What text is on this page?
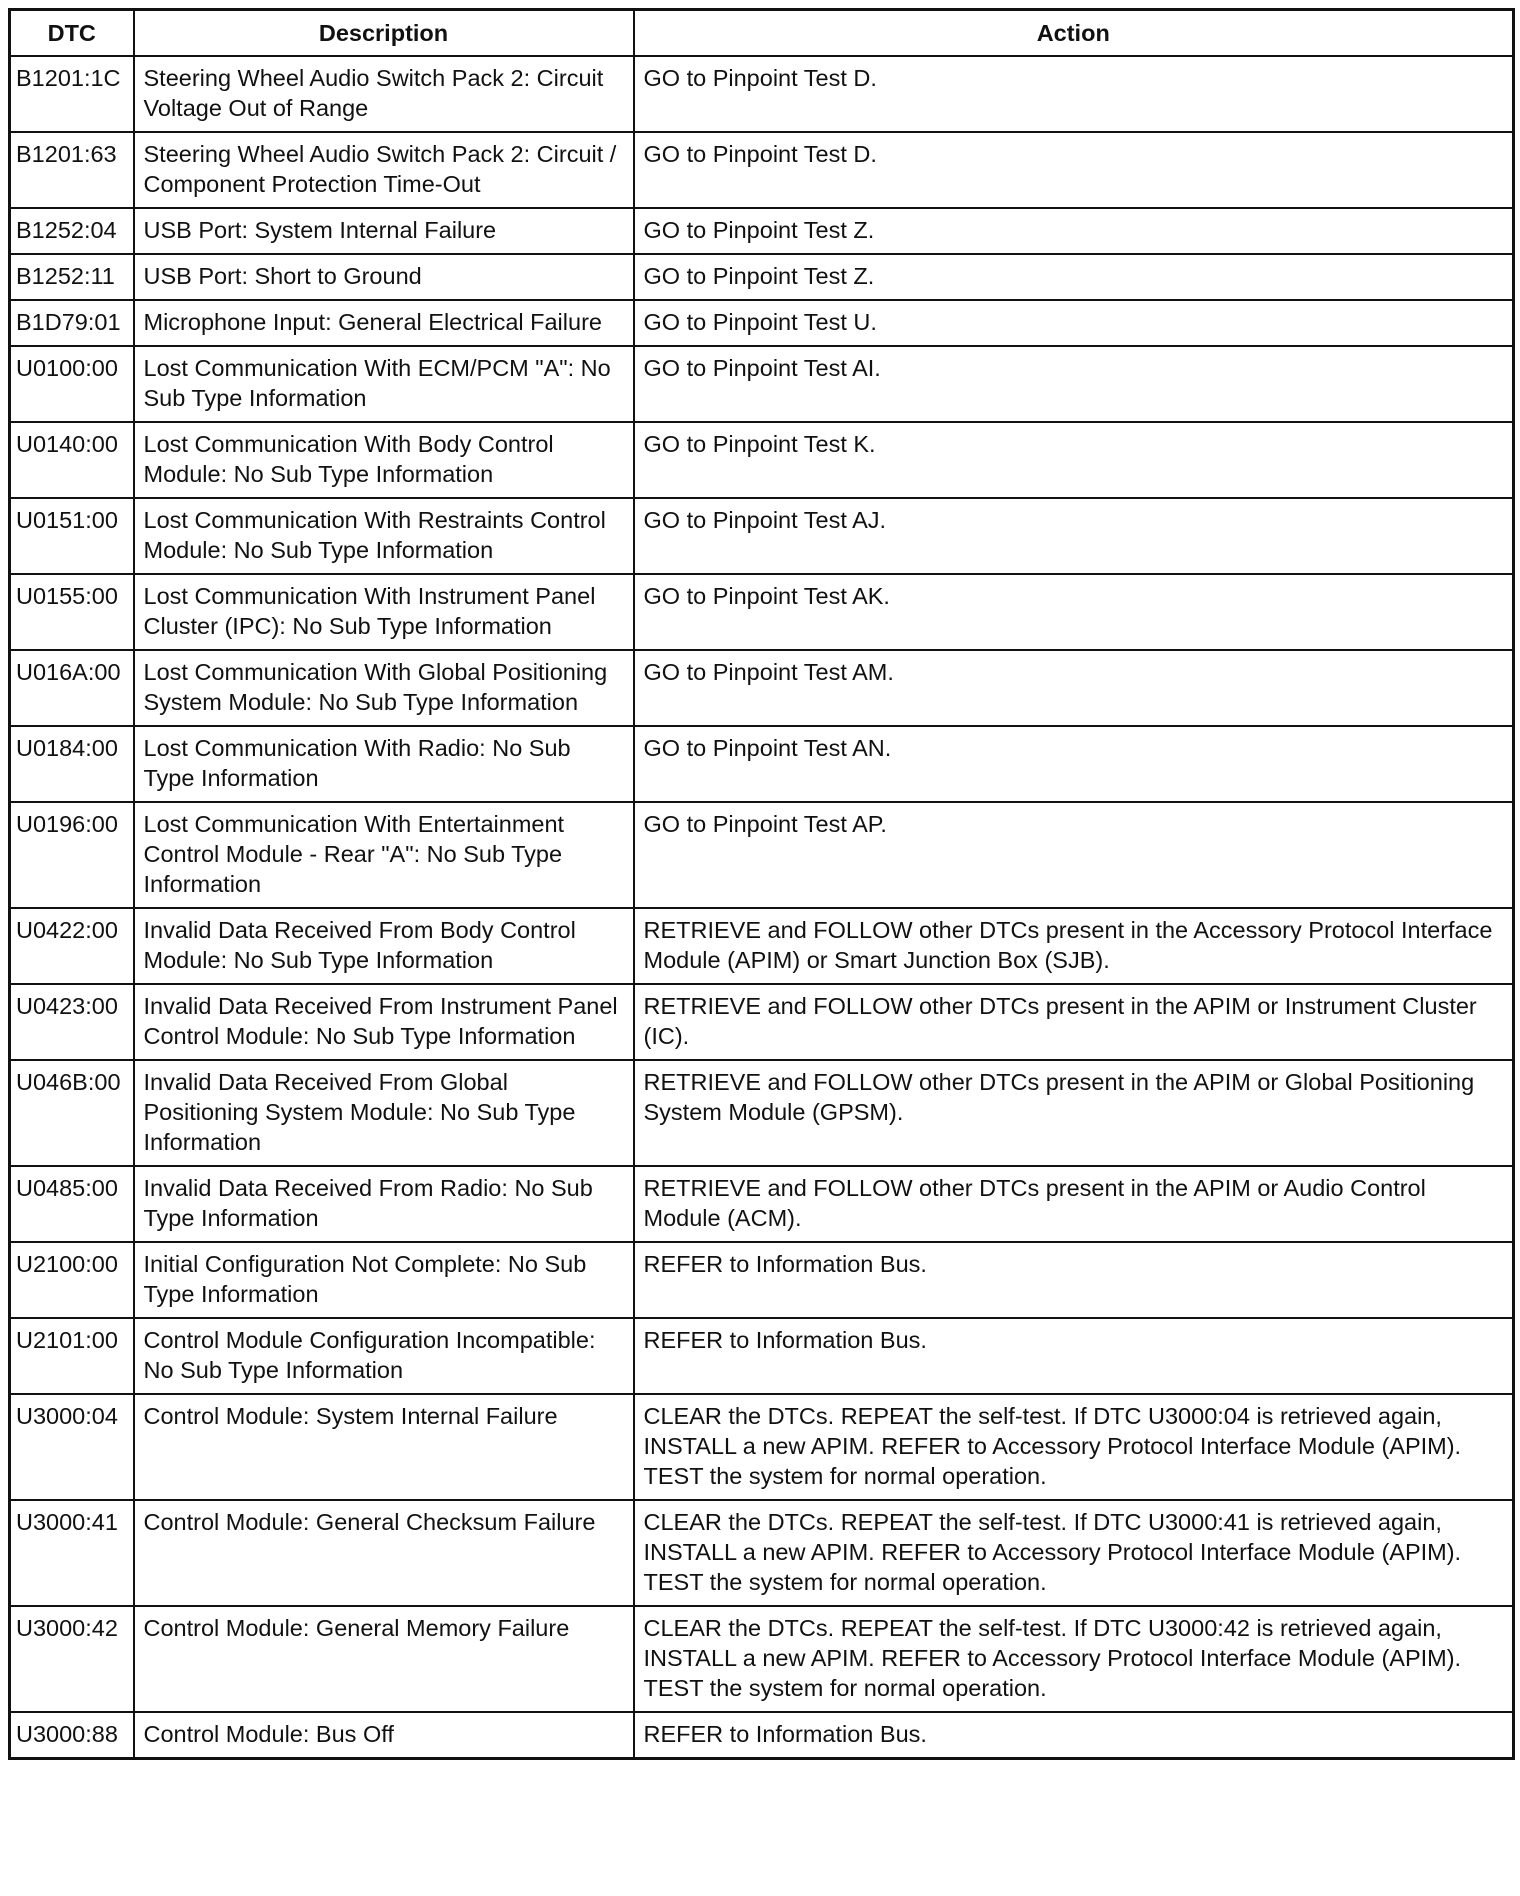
DTC	Description	Action
B1201:1C	Steering Wheel Audio Switch Pack 2: Circuit Voltage Out of Range	GO to Pinpoint Test D.
B1201:63	Steering Wheel Audio Switch Pack 2: Circuit / Component Protection Time-Out	GO to Pinpoint Test D.
B1252:04	USB Port: System Internal Failure	GO to Pinpoint Test Z.
B1252:11	USB Port: Short to Ground	GO to Pinpoint Test Z.
B1D79:01	Microphone Input: General Electrical Failure	GO to Pinpoint Test U.
U0100:00	Lost Communication With ECM/PCM "A": No Sub Type Information	GO to Pinpoint Test AI.
U0140:00	Lost Communication With Body Control Module: No Sub Type Information	GO to Pinpoint Test K.
U0151:00	Lost Communication With Restraints Control Module: No Sub Type Information	GO to Pinpoint Test AJ.
U0155:00	Lost Communication With Instrument Panel Cluster (IPC): No Sub Type Information	GO to Pinpoint Test AK.
U016A:00	Lost Communication With Global Positioning System Module: No Sub Type Information	GO to Pinpoint Test AM.
U0184:00	Lost Communication With Radio: No Sub Type Information	GO to Pinpoint Test AN.
U0196:00	Lost Communication With Entertainment Control Module - Rear "A": No Sub Type Information	GO to Pinpoint Test AP.
U0422:00	Invalid Data Received From Body Control Module: No Sub Type Information	RETRIEVE and FOLLOW other DTCs present in the Accessory Protocol Interface Module (APIM) or Smart Junction Box (SJB).
U0423:00	Invalid Data Received From Instrument Panel Control Module: No Sub Type Information	RETRIEVE and FOLLOW other DTCs present in the APIM or Instrument Cluster (IC).
U046B:00	Invalid Data Received From Global Positioning System Module: No Sub Type Information	RETRIEVE and FOLLOW other DTCs present in the APIM or Global Positioning System Module (GPSM).
U0485:00	Invalid Data Received From Radio: No Sub Type Information	RETRIEVE and FOLLOW other DTCs present in the APIM or Audio Control Module (ACM).
U2100:00	Initial Configuration Not Complete: No Sub Type Information	REFER to Information Bus.
U2101:00	Control Module Configuration Incompatible: No Sub Type Information	REFER to Information Bus.
U3000:04	Control Module: System Internal Failure	CLEAR the DTCs. REPEAT the self-test. If DTC U3000:04 is retrieved again, INSTALL a new APIM. REFER to Accessory Protocol Interface Module (APIM). TEST the system for normal operation.
U3000:41	Control Module: General Checksum Failure	CLEAR the DTCs. REPEAT the self-test. If DTC U3000:41 is retrieved again, INSTALL a new APIM. REFER to Accessory Protocol Interface Module (APIM). TEST the system for normal operation.
U3000:42	Control Module: General Memory Failure	CLEAR the DTCs. REPEAT the self-test. If DTC U3000:42 is retrieved again, INSTALL a new APIM. REFER to Accessory Protocol Interface Module (APIM). TEST the system for normal operation.
U3000:88	Control Module: Bus Off	REFER to Information Bus.
